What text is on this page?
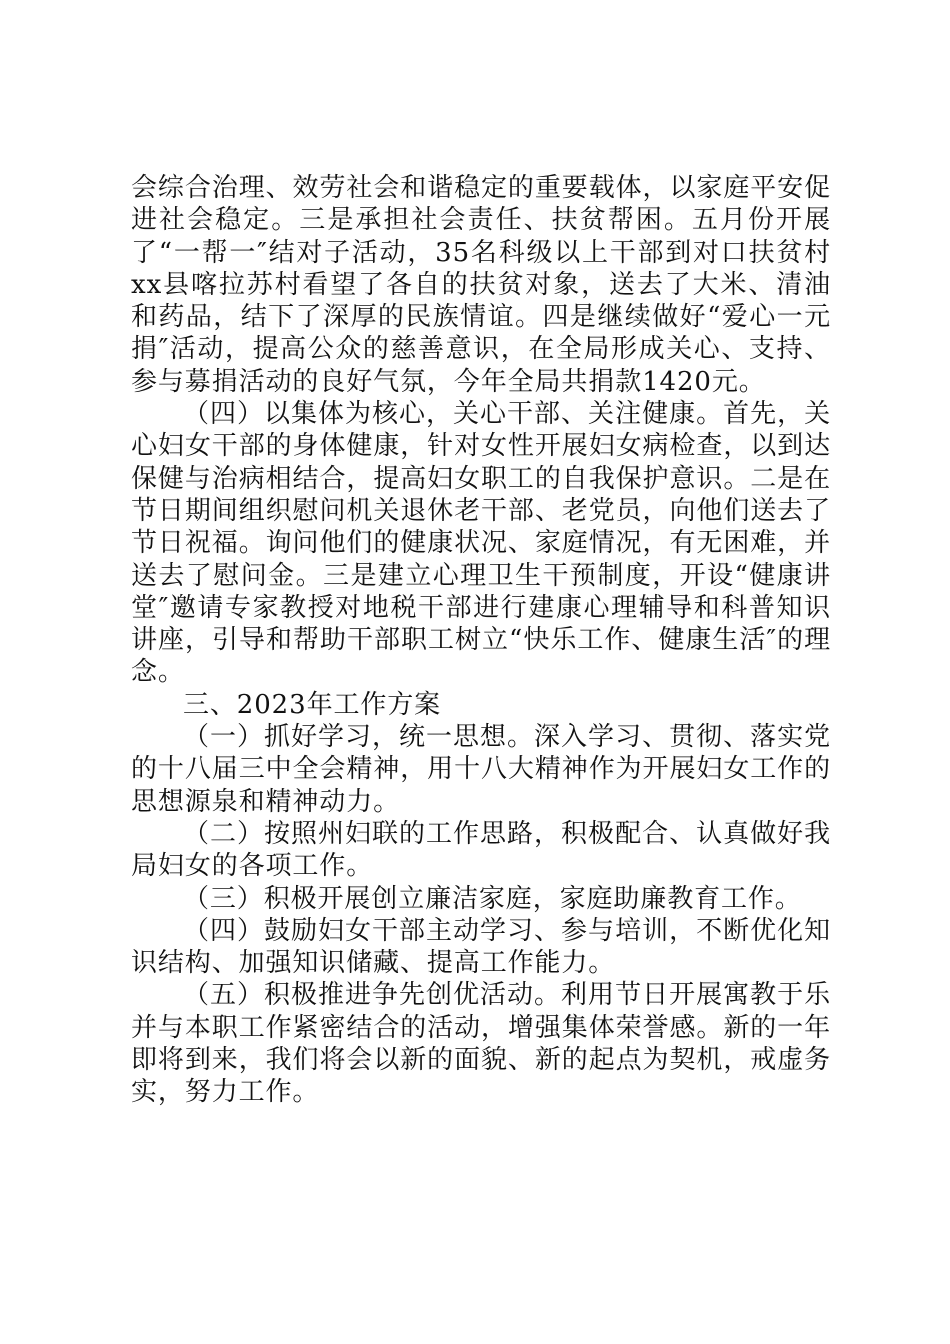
会综合治理、效劳社会和谐稳定的重要载体，以家庭平安促进社会稳定。三是承担社会责任、扶贫帮困。五月份开展了“一帮一″结对子活动，35名科级以上干部到对口扶贫村xx县喀拉苏村看望了各自的扶贫对象，送去了大米、清油和药品，结下了深厚的民族情谊。四是继续做好“爱心一元捐″活动，提高公众的慈善意识，在全局形成关心、支持、参与募捐活动的良好气氛，今年全局共捐款1420元。

（四）以集体为核心，关心干部、关注健康。首先，关心妇女干部的身体健康，针对女性开展妇女病检查，以到达保健与治病相结合，提高妇女职工的自我保护意识。二是在节日期间组织慰问机关退休老干部、老党员，向他们送去了节日祝福。询问他们的健康状况、家庭情况，有无困难，并送去了慰问金。三是建立心理卫生干预制度，开设“健康讲堂″邀请专家教授对地税干部进行建康心理辅导和科普知识讲座，引导和帮助干部职工树立“快乐工作、健康生活″的理念。

三、2023年工作方案

（一）抓好学习，统一思想。深入学习、贯彻、落实党的十八届三中全会精神，用十八大精神作为开展妇女工作的思想源泉和精神动力。

（二）按照州妇联的工作思路，积极配合、认真做好我局妇女的各项工作。

（三）积极开展创立廉洁家庭，家庭助廉教育工作。

（四）鼓励妇女干部主动学习、参与培训，不断优化知识结构、加强知识储藏、提高工作能力。

（五）积极推进争先创优活动。利用节日开展寓教于乐并与本职工作紧密结合的活动，增强集体荣誉感。新的一年即将到来，我们将会以新的面貌、新的起点为契机，戒虚务实，努力工作。
